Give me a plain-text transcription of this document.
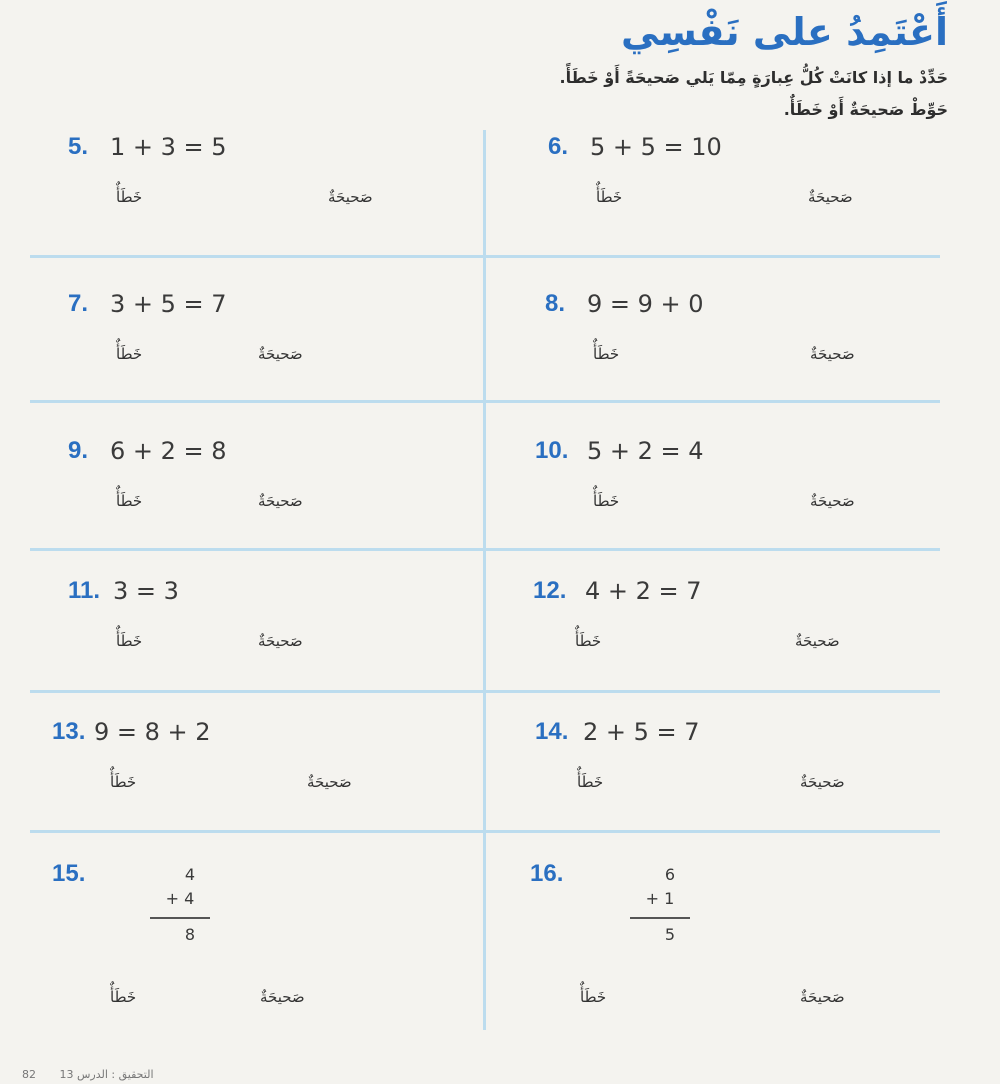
أَعْتَمِدُ على نَفْسِي

حَدِّدْ ما إذا كانَتْ كُلُّ عِبارَةٍ مِمّا يَلي صَحيحَةً أَوْ خَطَأً.

حَوِّطْ صَحيحَةٌ أَوْ خَطَأٌ.

5. 1 + 3 = 5
خَطَأٌ	صَحيحَةٌ
6. 5 + 5 = 10
خَطَأٌ	صَحيحَةٌ
7. 3 + 5 = 7
خَطَأٌ	صَحيحَةٌ
8. 9 = 9 + 0
خَطَأٌ	صَحيحَةٌ
9. 6 + 2 = 8
خَطَأٌ	صَحيحَةٌ
10. 5 + 2 = 4
خَطَأٌ	صَحيحَةٌ
11. 3 = 3
خَطَأٌ	صَحيحَةٌ
12. 4 + 2 = 7
خَطَأٌ	صَحيحَةٌ
13. 9 = 8 + 2
خَطَأٌ	صَحيحَةٌ
14. 2 + 5 = 7
خَطَأٌ	صَحيحَةٌ
15.	4
+ 4
8
خَطَأٌ	صَحيحَةٌ
16.	6
+ 1
5
خَطَأٌ	صَحيحَةٌ
82 التحقيق : الدرس 13
